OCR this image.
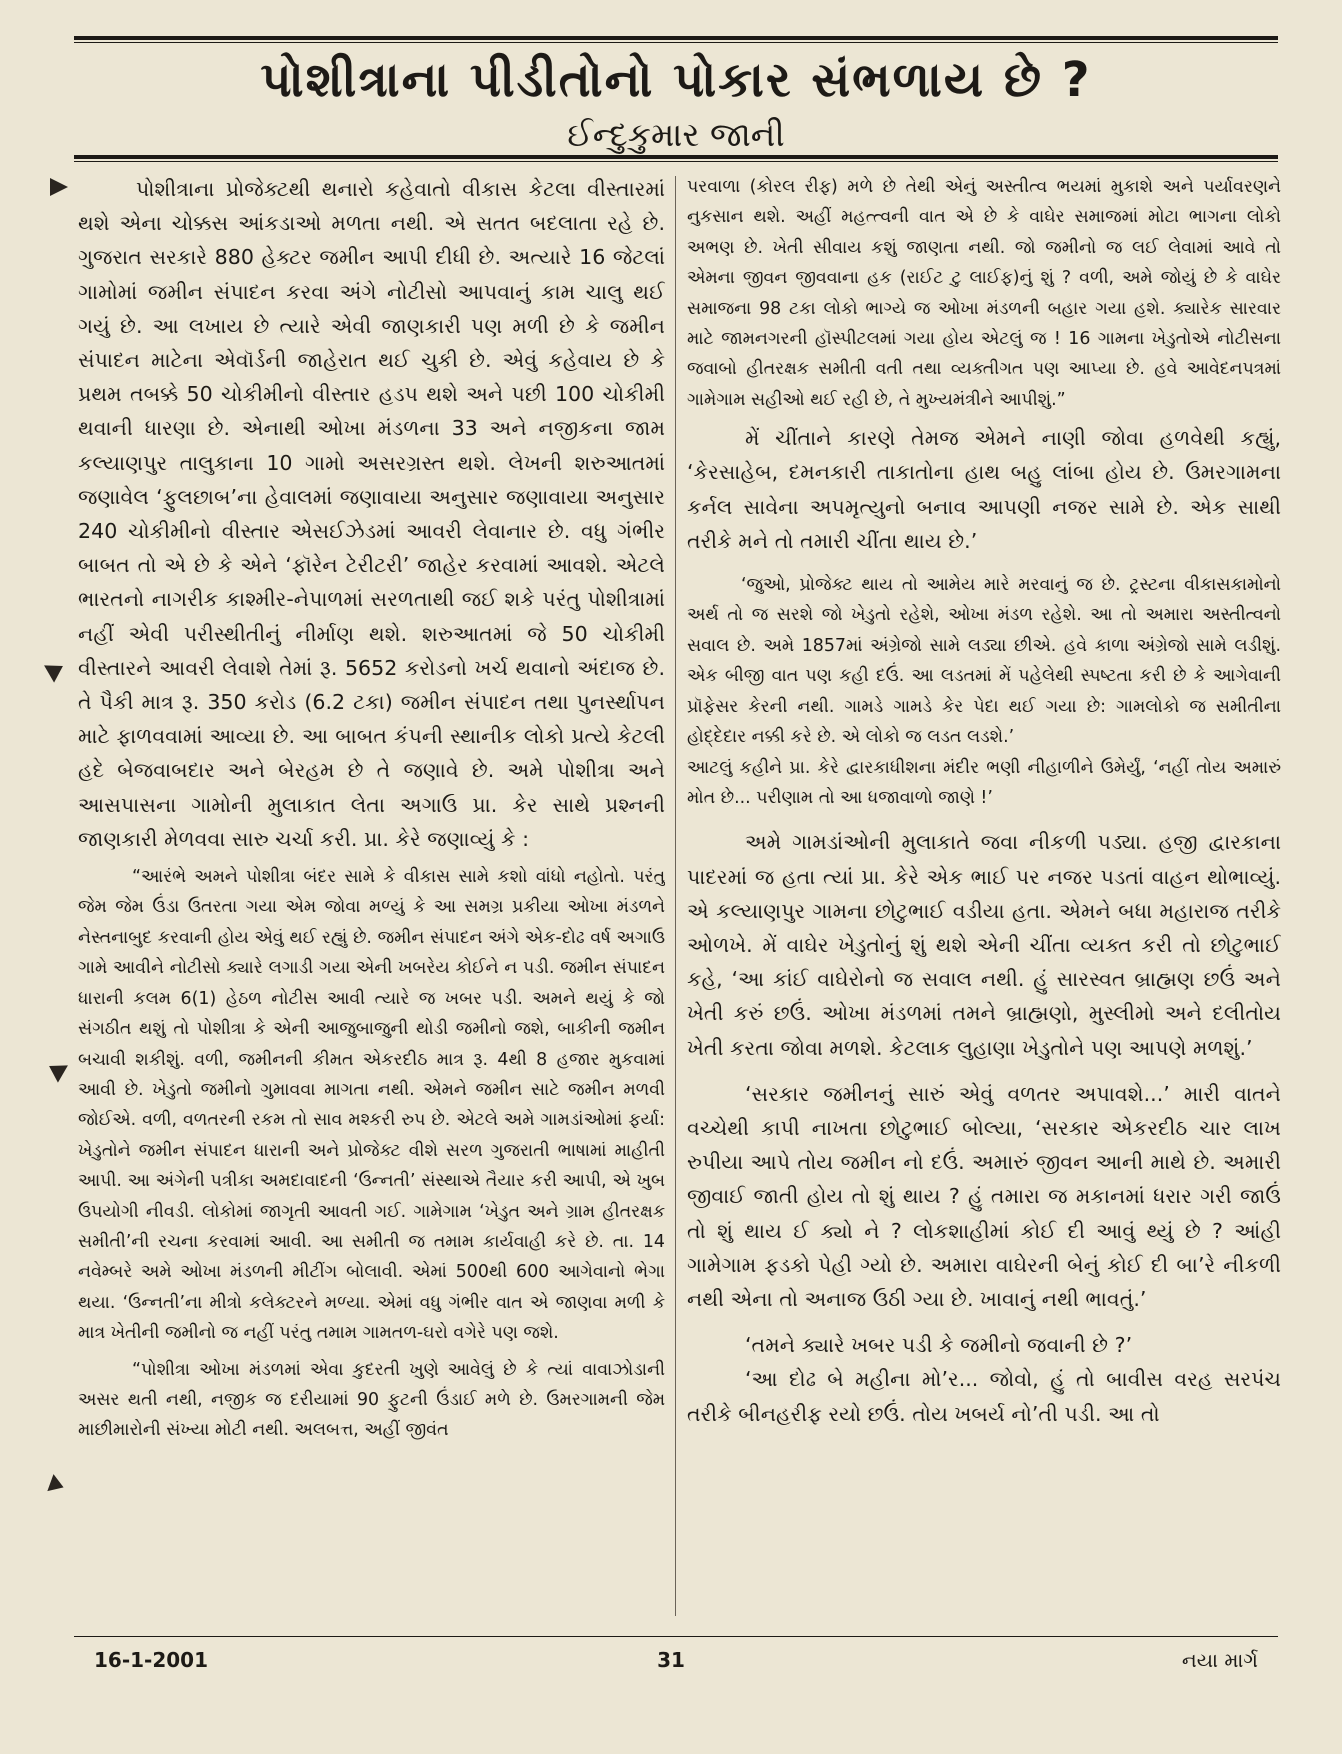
પોશીત્રાના પીડીતોનો પોકાર સંભળાય છે ?
ઈન્દુકુમાર જાની

પોશીત્રાના પ્રોજેક્ટથી થનારો કહેવાતો વીકાસ કેટલા વીસ્તારમાં થશે એના ચોક્કસ આંકડાઓ મળતા નથી. એ સતત બદલાતા રહે છે. ગુજરાત સરકારે 880 હેક્ટર જમીન આપી દીધી છે. અત્યારે 16 જેટલાં ગામોમાં જમીન સંપાદન કરવા અંગે નોટીસો આપવાનું કામ ચાલુ થઈ ગયું છે. આ લખાય છે ત્યારે એવી જાણકારી પણ મળી છે કે જમીન સંપાદન માટેના એવૉર્ડની જાહેરાત થઈ ચુકી છે. એવું કહેવાય છે કે પ્રથમ તબક્કે 50 ચોકીમીનો વીસ્તાર હડપ થશે અને પછી 100 ચોકીમી થવાની ધારણા છે. એનાથી ઓખા મંડળના 33 અને નજીકના જામ કલ્યાણપુર તાલુકાના 10 ગામો અસરગ્રસ્ત થશે. લેખની શરુઆતમાં જણાવેલ ‘ફુલછાબ’ના હેવાલમાં જણાવાયા અનુસાર જણાવાયા અનુસાર 240 ચોકીમીનો વીસ્તાર એસઈઝેડમાં આવરી લેવાનાર છે. વધુ ગંભીર બાબત તો એ છે કે એને ‘ફૉરેન ટેરીટરી’ જાહેર કરવામાં આવશે. એટલે ભારતનો નાગરીક કાશ્મીર-નેપાળમાં સરળતાથી જઈ શકે પરંતુ પોશીત્રામાં નહીં એવી પરીસ્થીતીનું નીર્માણ થશે. શરુઆતમાં જે 50 ચોકીમી વીસ્તારને આવરી લેવાશે તેમાં રૂ. 5652 કરોડનો ખર્ચ થવાનો અંદાજ છે. તે પૈકી માત્ર રૂ. 350 કરોડ (6.2 ટકા) જમીન સંપાદન તથા પુનર્સ્થાપન માટે ફાળવવામાં આવ્યા છે. આ બાબત કંપની સ્થાનીક લોકો પ્રત્યે કેટલી હદે બેજવાબદાર અને બેરહમ છે તે જણાવે છે. અમે પોશીત્રા અને આસપાસના ગામોની મુલાકાત લેતા અગાઉ પ્રા. કેર સાથે પ્રશ્નની જાણકારી મેળવવા સારુ ચર્ચા કરી. પ્રા. કેરે જણાવ્યું કે :

“આરંભે અમને પોશીત્રા બંદર સામે કે વીકાસ સામે કશો વાંધો નહોતો. પરંતુ જેમ જેમ ઉંડા ઉતરતા ગયા એમ જોવા મળ્યું કે આ સમગ્ર પ્રકીયા ઓખા મંડળને નેસ્તનાબુદ કરવાની હોય એવું થઈ રહ્યું છે. જમીન સંપાદન અંગે એક-દોઢ વર્ષ અગાઉ ગામે આવીને નોટીસો ક્યારે લગાડી ગયા એની ખબરેય કોઈને ન પડી. જમીન સંપાદન ધારાની કલમ 6(1) હેઠળ નોટીસ આવી ત્યારે જ ખબર પડી. અમને થયું કે જો સંગઠીત થશું તો પોશીત્રા કે એની આજુબાજુની થોડી જમીનો જશે, બાકીની જમીન બચાવી શકીશું. વળી, જમીનની કીમત એકરદીઠ માત્ર રૂ. 4થી 8 હજાર મુકવામાં આવી છે. ખેડુતો જમીનો ગુમાવવા માગતા નથી. એમને જમીન સાટે જમીન મળવી જોઈએ. વળી, વળતરની રકમ તો સાવ મશ્કરી રુપ છે. એટલે અમે ગામડાંઓમાં ફર્યા: ખેડુતોને જમીન સંપાદન ધારાની અને પ્રોજેક્ટ વીશે સરળ ગુજરાતી ભાષામાં માહીતી આપી. આ અંગેની પત્રીકા અમદાવાદની ‘ઉન્નતી’ સંસ્થાએ તૈયાર કરી આપી, એ ખુબ ઉપયોગી નીવડી. લોકોમાં જાગૃતી આવતી ગઈ. ગામેગામ ‘ખેડુત અને ગ્રામ હીતરક્ષક સમીતી’ની રચના કરવામાં આવી. આ સમીતી જ તમામ કાર્યવાહી કરે છે. તા. 14 નવેમ્બરે અમે ઓખા મંડળની મીટીંગ બોલાવી. એમાં 500થી 600 આગેવાનો ભેગા થયા. ‘ઉન્નતી’ના મીત્રો કલેક્ટરને મળ્યા. એમાં વધુ ગંભીર વાત એ જાણવા મળી કે માત્ર ખેતીની જમીનો જ નહીં પરંતુ તમામ ગામતળ-ઘરો વગેરે પણ જશે.

“પોશીત્રા ઓખા મંડળમાં એવા કુદરતી ખુણે આવેલું છે કે ત્યાં વાવાઝોડાની અસર થતી નથી, નજીક જ દરીયામાં 90 ફુટની ઉંડાઈ મળે છે. ઉમરગામની જેમ માછીમારોની સંખ્યા મોટી નથી. અલબત્ત, અહીં જીવંત

પરવાળા (કોરલ રીફ) મળે છે તેથી એનું અસ્તીત્વ ભયમાં મુકાશે અને પર્યાવરણને નુકસાન થશે. અહીં મહત્ત્વની વાત એ છે કે વાઘેર સમાજમાં મોટા ભાગના લોકો અભણ છે. ખેતી સીવાય કશું જાણતા નથી. જો જમીનો જ લઈ લેવામાં આવે તો એમના જીવન જીવવાના હક (રાઈટ ટુ લાઈફ)નું શું ? વળી, અમે જોયું છે કે વાઘેર સમાજના 98 ટકા લોકો ભાગ્યે જ ઓખા મંડળની બહાર ગયા હશે. ક્યારેક સારવાર માટે જામનગરની હૉસ્પીટલમાં ગયા હોય એટલું જ ! 16 ગામના ખેડુતોએ નોટીસના જવાબો હીતરક્ષક સમીતી વતી તથા વ્યક્તીગત પણ આપ્યા છે. હવે આવેદનપત્રમાં ગામેગામ સહીઓ થઈ રહી છે, તે મુખ્યમંત્રીને આપીશું.”

મેં ચીંતાને કારણે તેમજ એમને નાણી જોવા હળવેથી કહ્યું, ‘કેરસાહેબ, દમનકારી તાકાતોના હાથ બહુ લાંબા હોય છે. ઉમરગામના કર્નલ સાવેના અપમૃત્યુનો બનાવ આપણી નજર સામે છે. એક સાથી તરીકે મને તો તમારી ચીંતા થાય છે.’

‘જુઓ, પ્રોજેક્ટ થાય તો આમેય મારે મરવાનું જ છે. ટ્રસ્ટના વીકાસકામોનો અર્થ તો જ સરશે જો ખેડુતો રહેશે, ઓખા મંડળ રહેશે. આ તો અમારા અસ્તીત્વનો સવાલ છે. અમે 1857માં અંગ્રેજો સામે લડ્યા છીએ. હવે કાળા અંગ્રેજો સામે લડીશું. એક બીજી વાત પણ કહી દઉં. આ લડતમાં મેં પહેલેથી સ્પષ્ટતા કરી છે કે આગેવાની પ્રૉફેસર કેરની નથી. ગામડે ગામડે કેર પેદા થઈ ગયા છે: ગામલોકો જ સમીતીના હોદ્દેદાર નક્કી કરે છે. એ લોકો જ લડત લડશે.’

આટલું કહીને પ્રા. કેરે દ્વારકાધીશના મંદીર ભણી નીહાળીને ઉમેર્યું, ‘નહીં તોય અમારું મોત છે... પરીણામ તો આ ધજાવાળો જાણે !’

અમે ગામડાંઓની મુલાકાતે જવા નીકળી પડ્યા. હજી દ્વારકાના પાદરમાં જ હતા ત્યાં પ્રા. કેરે એક ભાઈ પર નજર પડતાં વાહન થોભાવ્યું. એ કલ્યાણપુર ગામના છોટુભાઈ વડીયા હતા. એમને બધા મહારાજ તરીકે ઓળખે. મેં વાઘેર ખેડુતોનું શું થશે એની ચીંતા વ્યક્ત કરી તો છોટુભાઈ કહે, ‘આ કાંઈ વાઘેરોનો જ સવાલ નથી. હું સારસ્વત બ્રાહ્મણ છઉં અને ખેતી કરું છઉં. ઓખા મંડળમાં તમને બ્રાહ્મણો, મુસ્લીમો અને દલીતોય ખેતી કરતા જોવા મળશે. કેટલાક લુહાણા ખેડુતોને પણ આપણે મળશું.’

‘સરકાર જમીનનું સારું એવું વળતર અપાવશે...’ મારી વાતને વચ્ચેથી કાપી નાખતા છોટુભાઈ બોલ્યા, ‘સરકાર એકરદીઠ ચાર લાખ રુપીયા આપે તોય જમીન નો દઉં. અમારું જીવન આની માથે છે. અમારી જીવાઈ જાતી હોય તો શું થાય ? હું તમારા જ મકાનમાં ધરાર ગરી જાઉં તો શું થાય ઈ ક્યો ને ? લોકશાહીમાં કોઈ દી આવું થ્યું છે ? આંહી ગામેગામ ફડકો પેહી ગ્યો છે. અમારા વાઘેરની બેનું કોઈ દી બા’રે નીકળી નથી એના તો અનાજ ઉઠી ગ્યા છે. ખાવાનું નથી ભાવતું.’

‘તમને ક્યારે ખબર પડી કે જમીનો જવાની છે ?’

‘આ દોઢ બે મહીના મો’ર... જોવો, હું તો બાવીસ વરહ સરપંચ તરીકે બીનહરીફ રયો છઉં. તોય ખબર્ય નો’તી પડી. આ તો

16-1-2001	31	નયા માર્ગ
